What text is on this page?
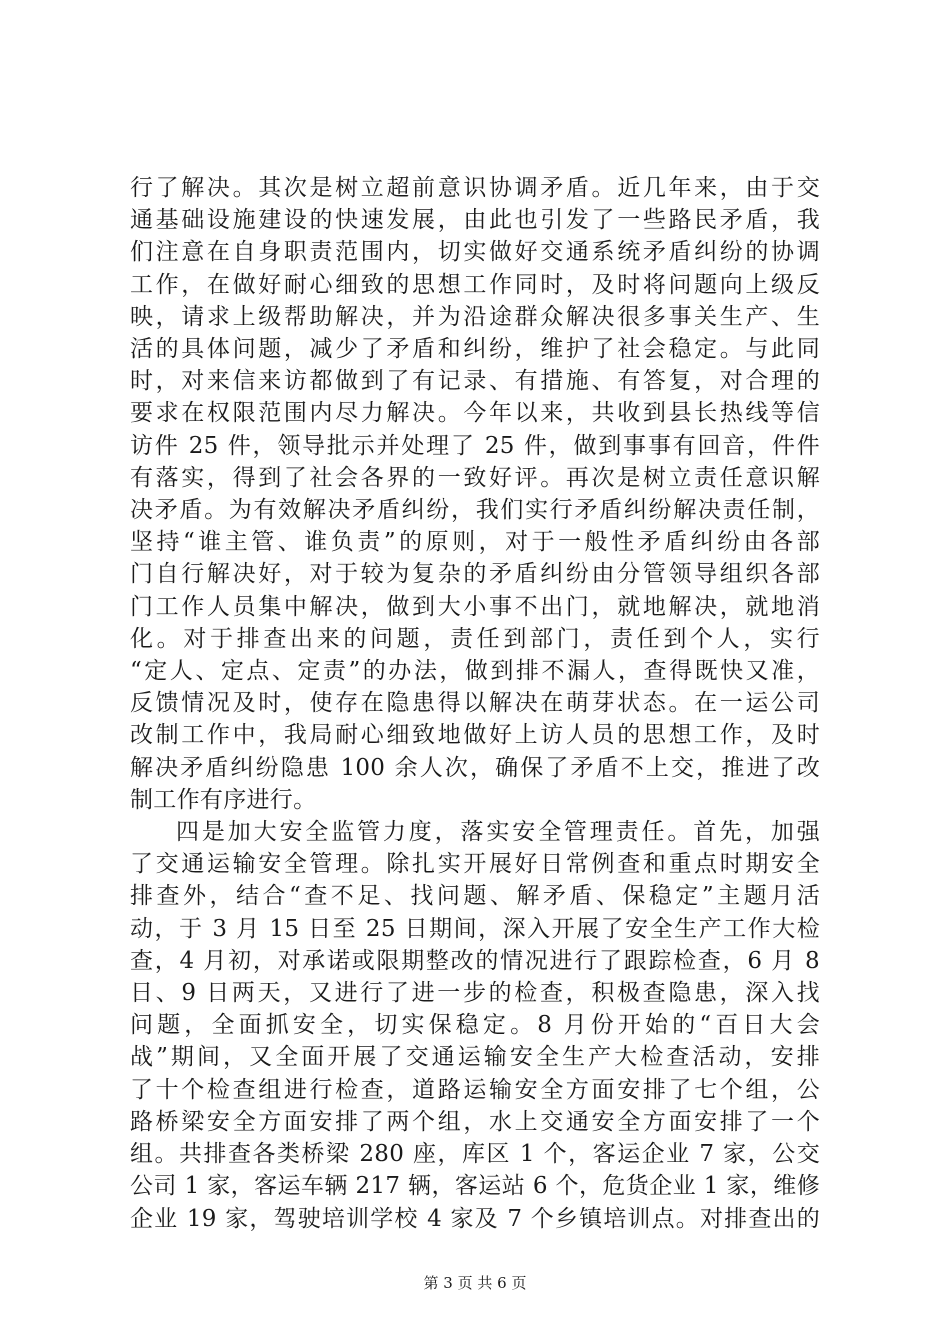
行了解决。其次是树立超前意识协调矛盾。近几年来，由于交
通基础设施建设的快速发展，由此也引发了一些路民矛盾，我
们注意在自身职责范围内，切实做好交通系统矛盾纠纷的协调
工作，在做好耐心细致的思想工作同时，及时将问题向上级反
映，请求上级帮助解决，并为沿途群众解决很多事关生产、生
活的具体问题，减少了矛盾和纠纷，维护了社会稳定。与此同
时，对来信来访都做到了有记录、有措施、有答复，对合理的
要求在权限范围内尽力解决。今年以来，共收到县长热线等信
访件 25 件，领导批示并处理了 25 件，做到事事有回音，件件
有落实，得到了社会各界的一致好评。再次是树立责任意识解
决矛盾。为有效解决矛盾纠纷，我们实行矛盾纠纷解决责任制，
坚持“谁主管、谁负责”的原则，对于一般性矛盾纠纷由各部
门自行解决好，对于较为复杂的矛盾纠纷由分管领导组织各部
门工作人员集中解决，做到大小事不出门，就地解决，就地消
化。对于排查出来的问题，责任到部门，责任到个人，实行
“定人、定点、定责”的办法，做到排不漏人，查得既快又准，
反馈情况及时，使存在隐患得以解决在萌芽状态。在一运公司
改制工作中，我局耐心细致地做好上访人员的思想工作，及时
解决矛盾纠纷隐患 100 余人次，确保了矛盾不上交，推进了改
制工作有序进行。
四是加大安全监管力度，落实安全管理责任。首先，加强
了交通运输安全管理。除扎实开展好日常例查和重点时期安全
排查外，结合“查不足、找问题、解矛盾、保稳定”主题月活
动，于 3 月 15 日至 25 日期间，深入开展了安全生产工作大检
查，4 月初，对承诺或限期整改的情况进行了跟踪检查，6 月 8
日、9 日两天，又进行了进一步的检查，积极查隐患，深入找
问题，全面抓安全，切实保稳定。8 月份开始的“百日大会
战”期间，又全面开展了交通运输安全生产大检查活动，安排
了十个检查组进行检查，道路运输安全方面安排了七个组，公
路桥梁安全方面安排了两个组，水上交通安全方面安排了一个
组。共排查各类桥梁 280 座，库区 1 个，客运企业 7 家，公交
公司 1 家，客运车辆 217 辆，客运站 6 个，危货企业 1 家，维修
企业 19 家，驾驶培训学校 4 家及 7 个乡镇培训点。对排查出的
第 3 页 共 6 页
